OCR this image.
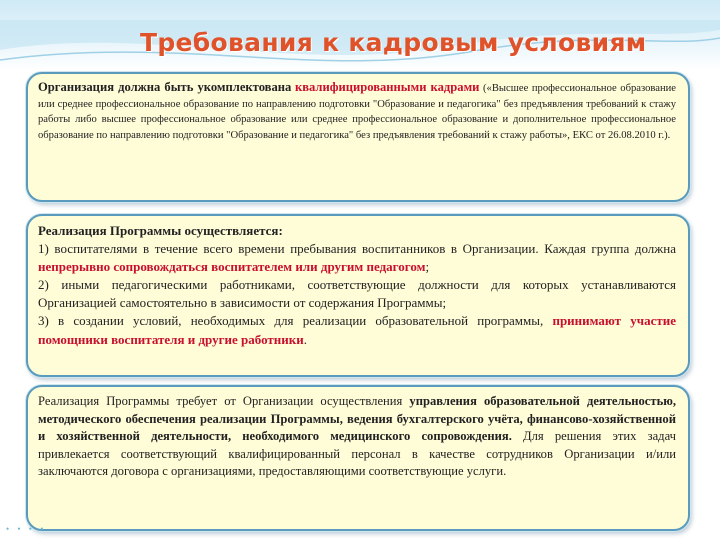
Требования к кадровым условиям

Организация должна быть укомплектована квалифицированными кадрами («Высшее профессиональное образование или среднее профессиональное образование по направлению подготовки "Образование и педагогика" без предъявления требований к стажу работы либо высшее профессиональное образование или среднее профессиональное образование и дополнительное профессиональное образование по направлению подготовки "Образование и педагогика" без предъявления требований к стажу работы», ЕКС от 26.08.2010 г.).

Реализация Программы осуществляется:

1) воспитателями в течение всего времени пребывания воспитанников в Организации. Каждая группа должна непрерывно сопровождаться воспитателем или другим педагогом;

2) иными педагогическими работниками, соответствующие должности для которых устанавливаются Организацией самостоятельно в зависимости от содержания Программы;

3) в создании условий, необходимых для реализации образовательной программы, принимают участие помощники воспитателя и другие работники.

Реализация Программы требует от Организации осуществления управления образовательной деятельностью, методического обеспечения реализации Программы, ведения бухгалтерского учёта, финансово-хозяйственной и хозяйственной деятельности, необходимого медицинского сопровождения. Для решения этих задач привлекается соответствующий квалифицированный персонал в качестве сотрудников Организации и/или заключаются договора с организациями, предоставляющими соответствующие услуги.

• • • •
